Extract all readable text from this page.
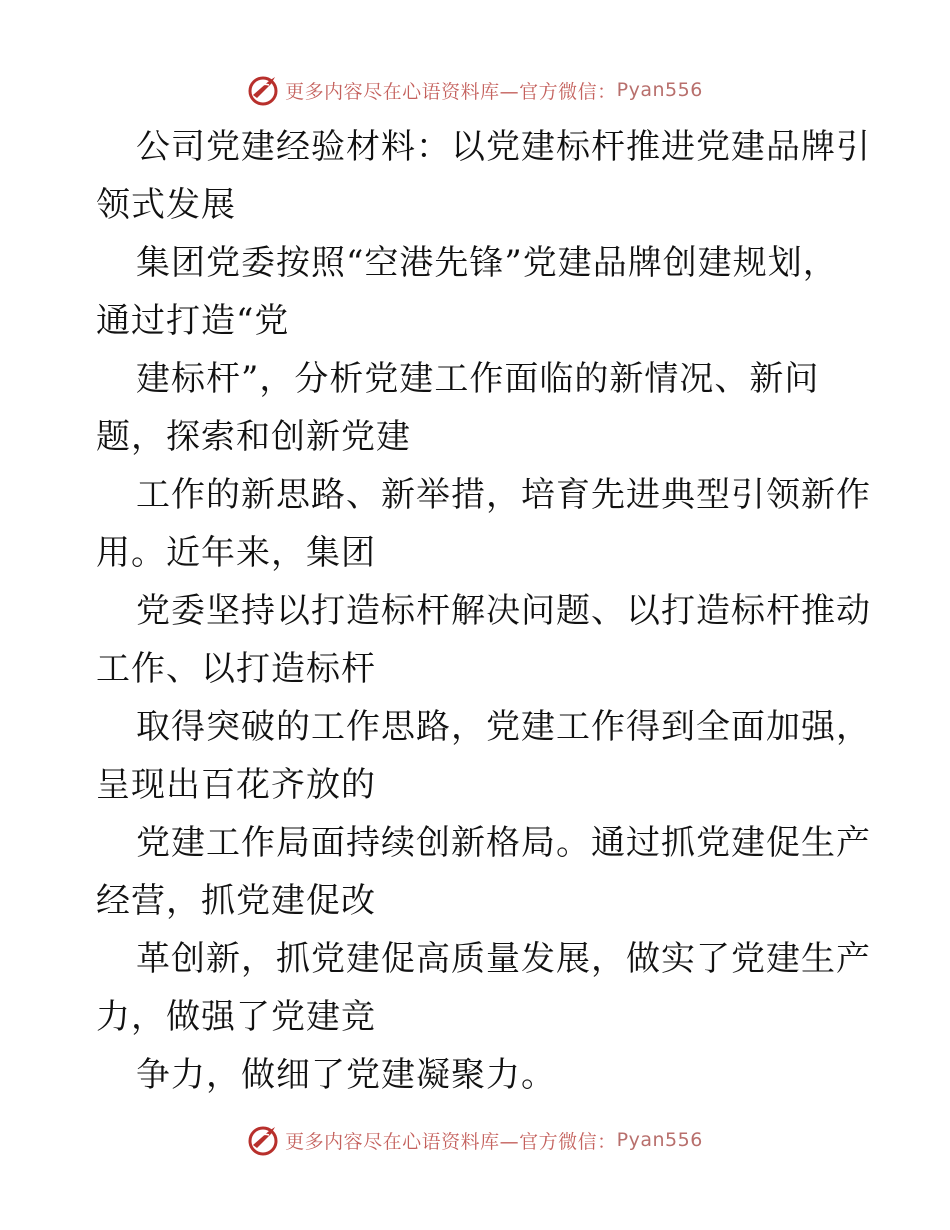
更多内容尽在心语资料库—官方微信： Pyan556
公司党建经验材料：以党建标杆推进党建品牌引
领式发展
集团党委按照“空港先锋”党建品牌创建规划，
通过打造“党
建标杆”，分析党建工作面临的新情况、新问
题，探索和创新党建
工作的新思路、新举措，培育先进典型引领新作
用。近年来，集团
党委坚持以打造标杆解决问题、以打造标杆推动
工作、以打造标杆
取得突破的工作思路，党建工作得到全面加强，
呈现出百花齐放的
党建工作局面持续创新格局。通过抓党建促生产
经营，抓党建促改
革创新，抓党建促高质量发展，做实了党建生产
力，做强了党建竞
争力，做细了党建凝聚力。
更多内容尽在心语资料库—官方微信： Pyan556
